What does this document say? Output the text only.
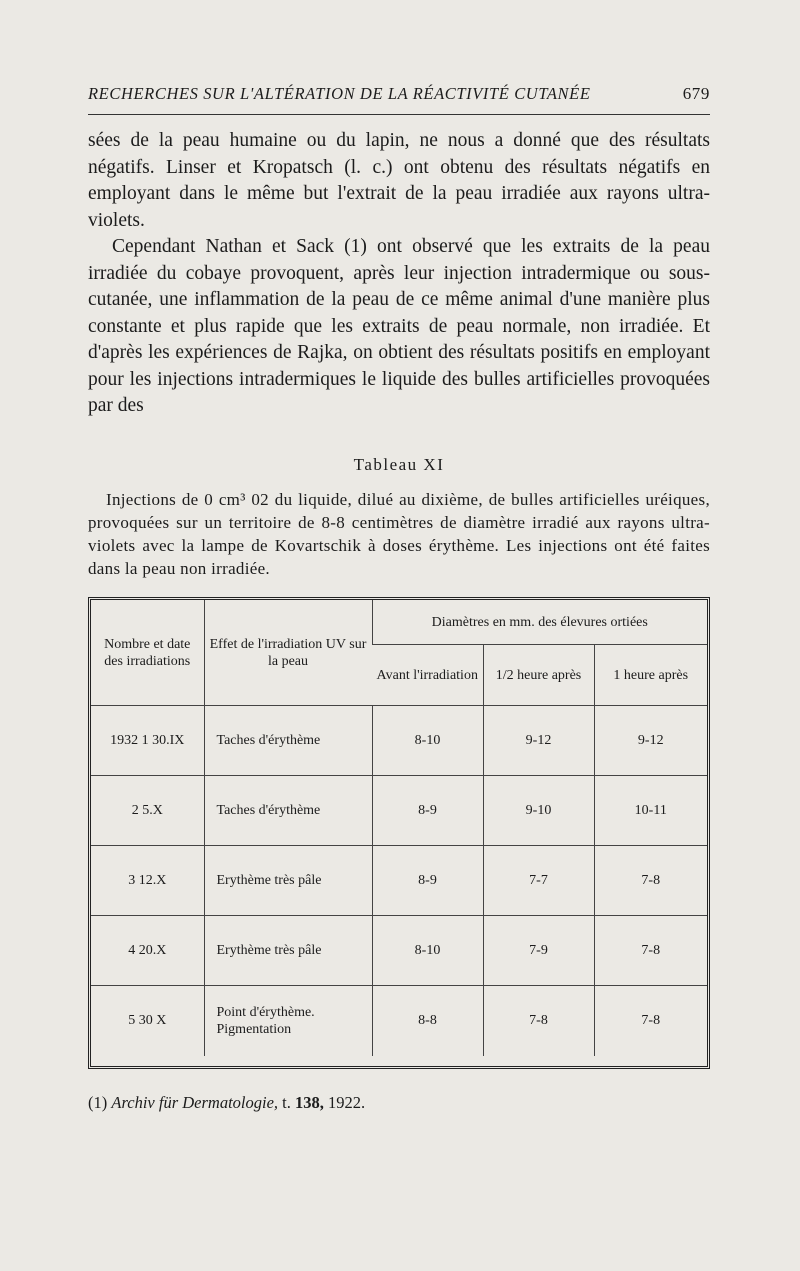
RECHERCHES SUR L'ALTÉRATION DE LA RÉACTIVITÉ CUTANÉE	679

sées de la peau humaine ou du lapin, ne nous a donné que des résultats négatifs. Linser et Kropatsch (l. c.) ont obtenu des résultats négatifs en employant dans le même but l'extrait de la peau irradiée aux rayons ultra-violets.

Cependant Nathan et Sack (1) ont observé que les extraits de la peau irradiée du cobaye provoquent, après leur injection intradermique ou sous-cutanée, une inflammation de la peau de ce même animal d'une manière plus constante et plus rapide que les extraits de peau normale, non irradiée. Et d'après les expériences de Rajka, on obtient des résultats positifs en employant pour les injections intradermiques le liquide des bulles artificielles provoquées par des

Tableau XI

Injections de 0 cm³ 02 du liquide, dilué au dixième, de bulles artificielles uréiques, provoquées sur un territoire de 8-8 centimètres de diamètre irradié aux rayons ultra-violets avec la lampe de Kovartschik à doses érythème. Les injections ont été faites dans la peau non irradiée.

Nombre et date des irradiations	Effet de l'irradiation UV sur la peau	Diamètres en mm. des élevures ortiées		
		Avant l'irradiation	1/2 heure après	1 heure après
1932 1 30.IX	Taches d'érythème	8-10	9-12	9-12
2 5.X	Taches d'érythème	8-9	9-10	10-11
3 12.X	Erythème très pâle	8-9	7-7	7-8
4 20.X	Erythème très pâle	8-10	7-9	7-8
5 30 X	Point d'érythème. Pigmentation	8-8	7-8	7-8
(1) Archiv für Dermatologie, t. 138, 1922.
